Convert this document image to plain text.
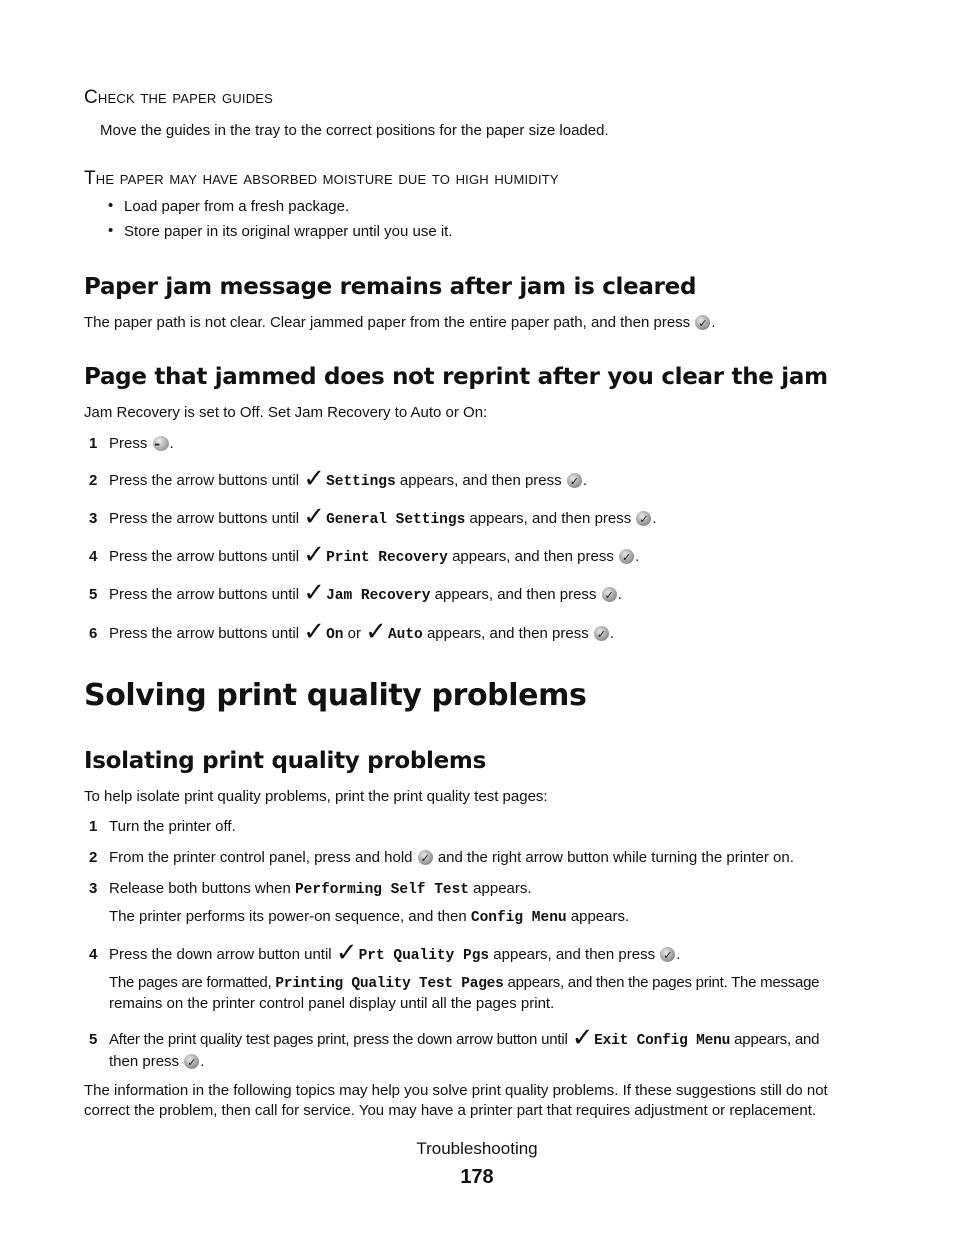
Check the paper guides
Move the guides in the tray to the correct positions for the paper size loaded.
The paper may have absorbed moisture due to high humidity
• Load paper from a fresh package.
• Store paper in its original wrapper until you use it.
Paper jam message remains after jam is cleared
The paper path is not clear. Clear jammed paper from the entire paper path, and then press ✓ .
Page that jammed does not reprint after you clear the jam
Jam Recovery is set to Off. Set Jam Recovery to Auto or On:
1 Press ••• .
2 Press the arrow buttons until ✓Settings appears, and then press ✓ .
3 Press the arrow buttons until ✓General Settings appears, and then press ✓ .
4 Press the arrow buttons until ✓Print Recovery appears, and then press ✓ .
5 Press the arrow buttons until ✓Jam Recovery appears, and then press ✓ .
6 Press the arrow buttons until ✓On or ✓Auto appears, and then press ✓ .
Solving print quality problems
Isolating print quality problems
To help isolate print quality problems, print the print quality test pages:
1 Turn the printer off.
2 From the printer control panel, press and hold ✓ and the right arrow button while turning the printer on.
3 Release both buttons when Performing Self Test appears.
The printer performs its power-on sequence, and then Config Menu appears.
4 Press the down arrow button until ✓Prt Quality Pgs appears, and then press ✓ .
The pages are formatted, Printing Quality Test Pages appears, and then the pages print. The message
remains on the printer control panel display until all the pages print.
5 After the print quality test pages print, press the down arrow button until ✓Exit Config Menu appears, and
then press ✓ .
The information in the following topics may help you solve print quality problems. If these suggestions still do not
correct the problem, then call for service. You may have a printer part that requires adjustment or replacement.
Troubleshooting
178
